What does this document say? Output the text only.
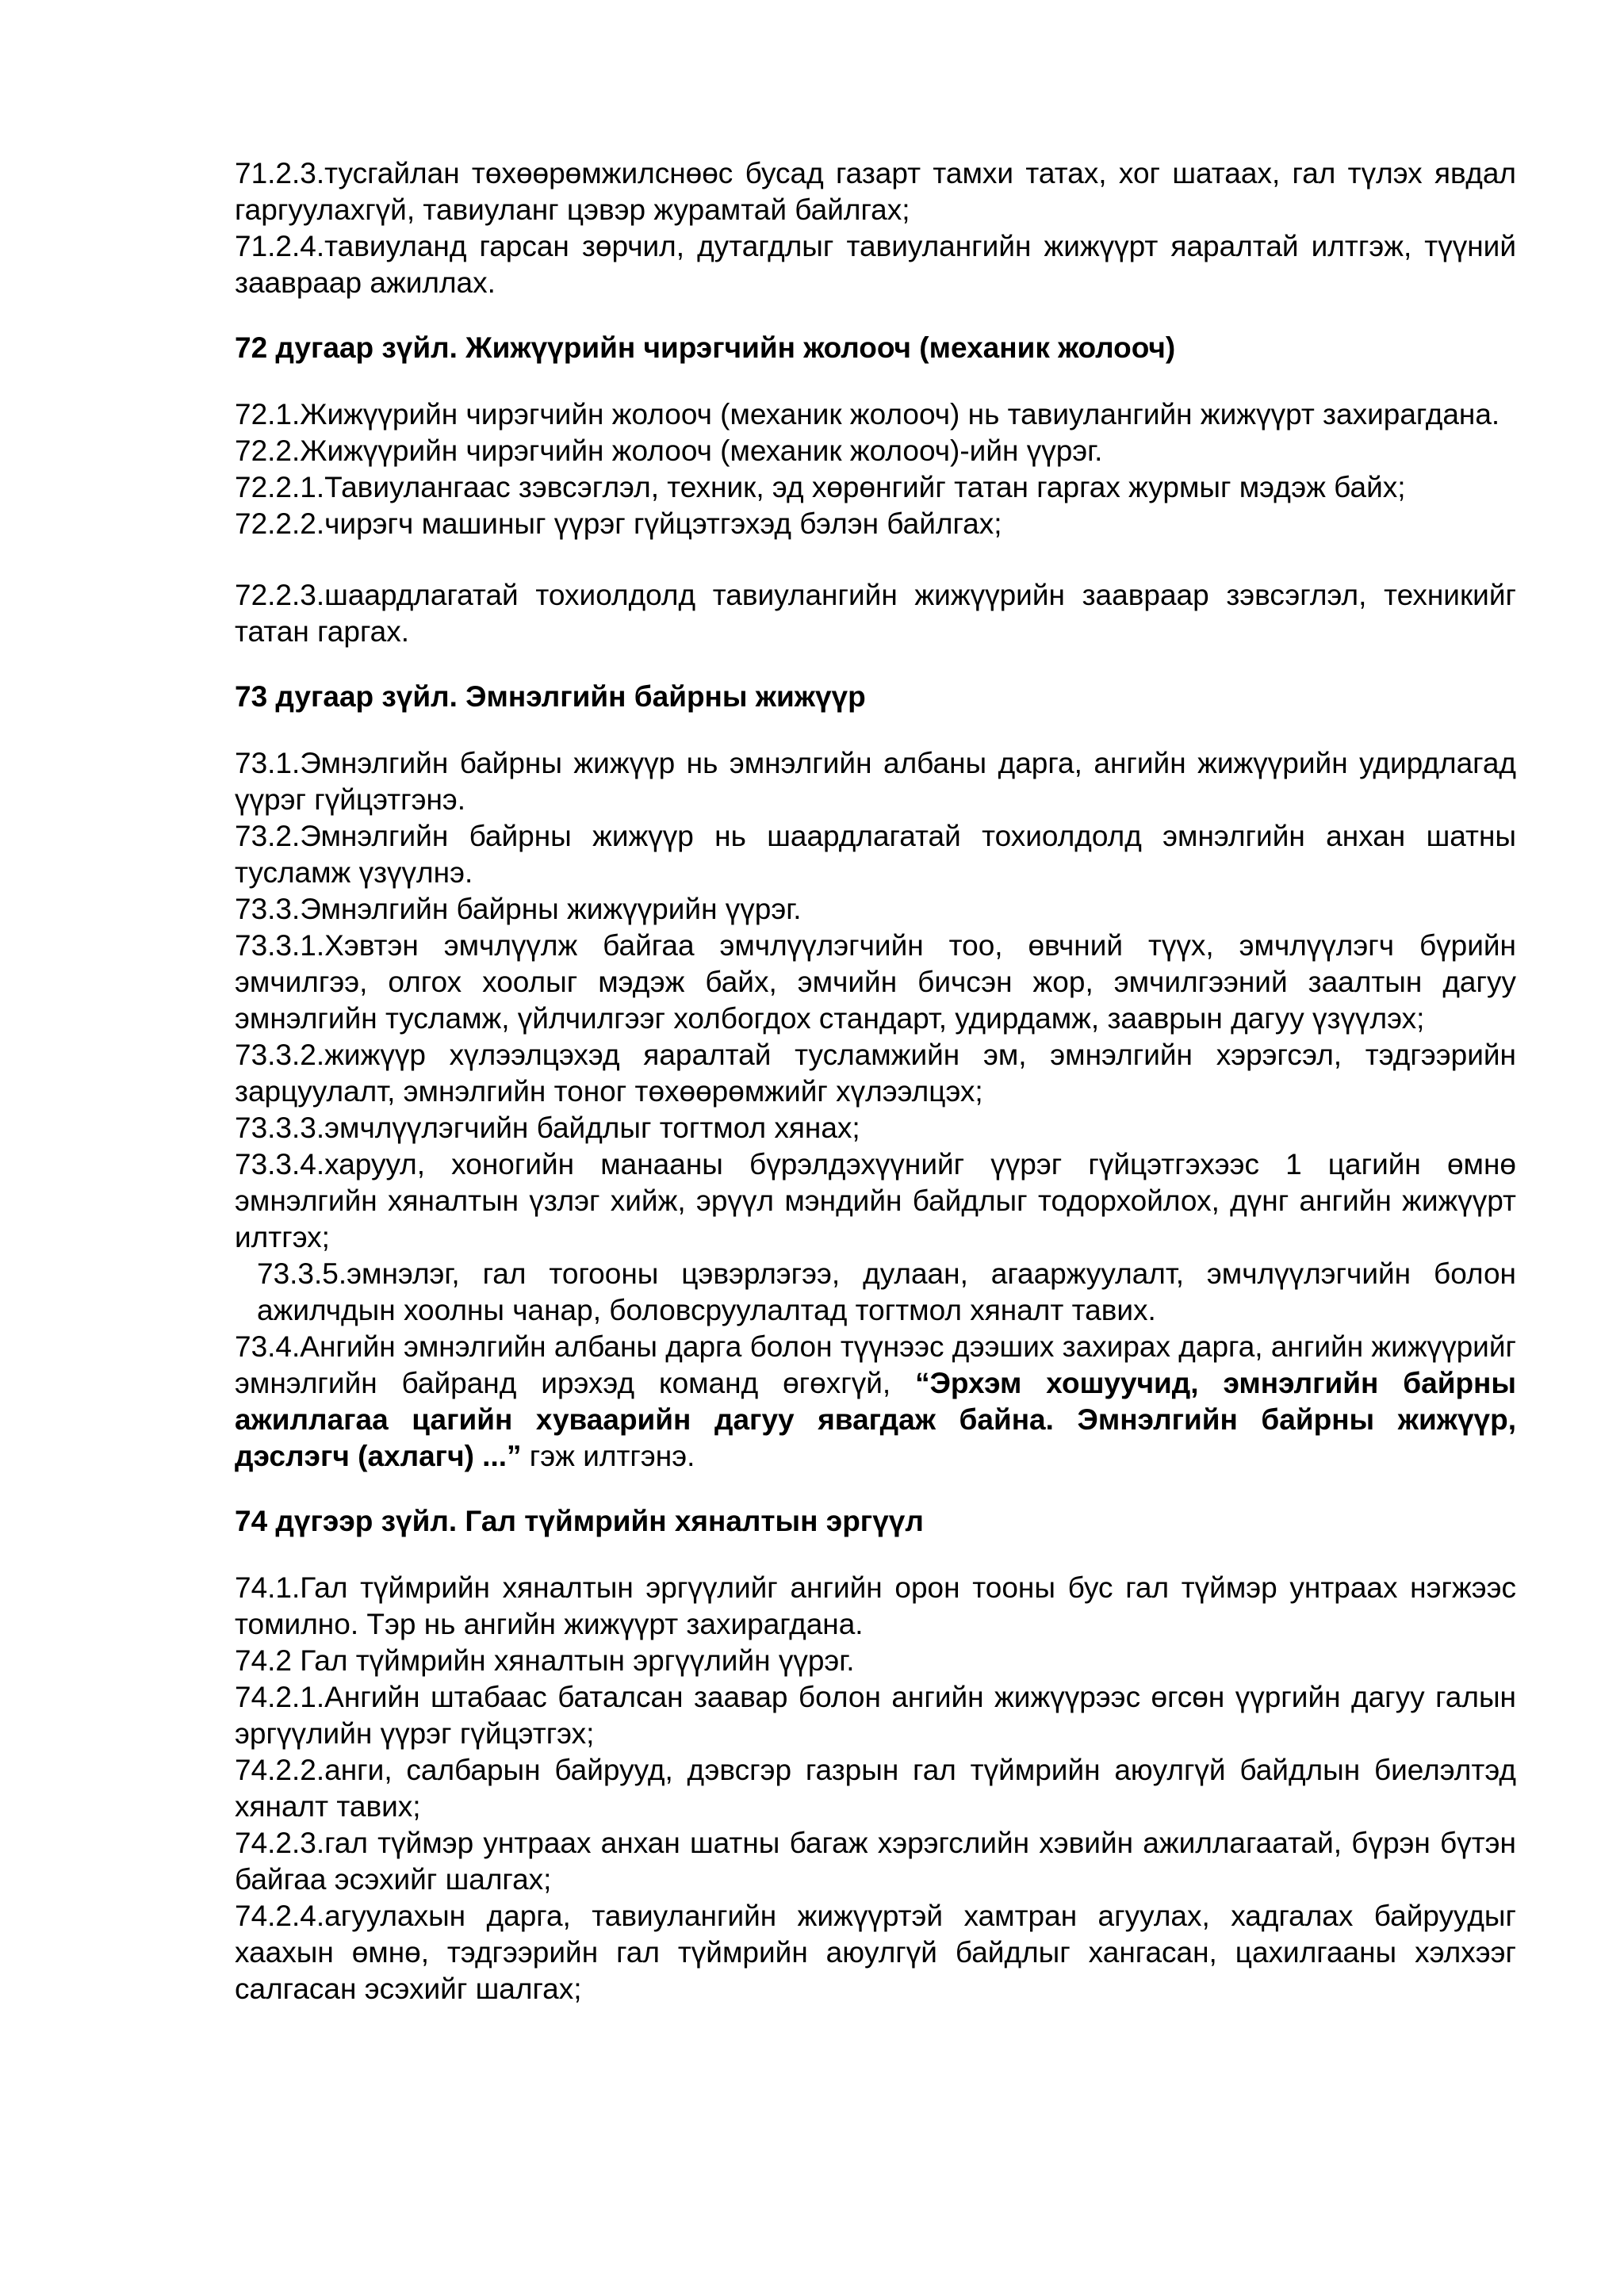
71.2.3.тусгайлан төхөөрөмжилснөөс бусад газарт тамхи татах, хог шатаах, гал түлэх явдал гаргуулахгүй, тавиуланг цэвэр журамтай байлгах;

71.2.4.тавиуланд гарсан зөрчил, дутагдлыг тавиулангийн жижүүрт яаралтай илтгэж, түүний зааврaар ажиллах.

72 дугаар зүйл. Жижүүрийн чирэгчийн жолооч (механик жолооч)

72.1.Жижүүрийн чирэгчийн жолооч (механик жолооч) нь тавиулангийн жижүүрт захирагдана.

72.2.Жижүүрийн чирэгчийн жолооч (механик жолооч)-ийн үүрэг.

72.2.1.Тавиулангаас зэвсэглэл, техник, эд хөрөнгийг татан гаргах журмыг мэдэж байх;

72.2.2.чирэгч машиныг үүрэг гүйцэтгэхэд бэлэн байлгах;

72.2.3.шаардлагатай тохиолдолд тавиулангийн жижүүрийн зааврaар зэвсэглэл, техникийг татан гаргах.

73 дугаар зүйл. Эмнэлгийн байрны жижүүр

73.1.Эмнэлгийн байрны жижүүр нь эмнэлгийн албаны дарга, ангийн жижүүрийн удирдлагад үүрэг гүйцэтгэнэ.

73.2.Эмнэлгийн байрны жижүүр нь шаардлагатай тохиолдолд эмнэлгийн анхан шатны тусламж үзүүлнэ.

73.3.Эмнэлгийн байрны жижүүрийн үүрэг.

73.3.1.Хэвтэн эмчлүүлж байгаа эмчлүүлэгчийн тоо, өвчний түүх, эмчлүүлэгч бүрийн эмчилгээ, олгох хоолыг мэдэж байх, эмчийн бичсэн жор, эмчилгээний заалтын дагуу эмнэлгийн тусламж, үйлчилгээг холбогдох стандарт, удирдамж, зааврын дагуу үзүүлэх;

73.3.2.жижүүр хүлээлцэхэд яаралтай тусламжийн эм, эмнэлгийн хэрэгсэл, тэдгээрийн зарцуулалт, эмнэлгийн тоног төхөөрөмжийг хүлээлцэх;

73.3.3.эмчлүүлэгчийн байдлыг тогтмол хянах;

73.3.4.харуул, хоногийн манааны бүрэлдэхүүнийг үүрэг гүйцэтгэхээс 1 цагийн өмнө эмнэлгийн хяналтын үзлэг хийж, эрүүл мэндийн байдлыг тодорхойлох, дүнг ангийн жижүүрт илтгэх;

73.3.5.эмнэлэг, гал тогооны цэвэрлэгээ, дулаан, агааржуулалт, эмчлүүлэгчийн болон ажилчдын хоолны чанар, боловсруулалтад тогтмол хяналт тавих.

73.4.Ангийн эмнэлгийн албаны дарга болон түүнээс дээших захирах дарга, ангийн жижүүрийг эмнэлгийн байранд ирэхэд команд өгөхгүй, “Эрхэм хошуучид, эмнэлгийн байрны ажиллагаа цагийн хуваарийн дагуу явагдаж байна. Эмнэлгийн байрны жижүүр, дэслэгч (ахлагч) ...” гэж илтгэнэ.

74 дүгээр зүйл. Гал түймрийн хяналтын эргүүл

74.1.Гал түймрийн хяналтын эргүүлийг ангийн орон тооны бус гал түймэр унтраах нэгжээс томилно. Тэр нь ангийн жижүүрт захирагдана.

74.2 Гал түймрийн хяналтын эргүүлийн үүрэг.

74.2.1.Ангийн штабаас баталсан заавар болон ангийн жижүүрээс өгсөн үүргийн дагуу галын эргүүлийн үүрэг гүйцэтгэх;

74.2.2.анги, салбарын байрууд, дэвсгэр газрын гал түймрийн аюулгүй байдлын биелэлтэд хяналт тавих;

74.2.3.гал түймэр унтраах анхан шатны багаж хэрэгслийн хэвийн ажиллагаатай, бүрэн бүтэн байгаа эсэхийг шалгах;

74.2.4.агуулахын дарга, тавиулангийн жижүүртэй хамтран агуулах, хадгалах байруудыг хаахын өмнө, тэдгээрийн гал түймрийн аюулгүй байдлыг хангасан, цахилгааны хэлхээг салгасан эсэхийг шалгах;
